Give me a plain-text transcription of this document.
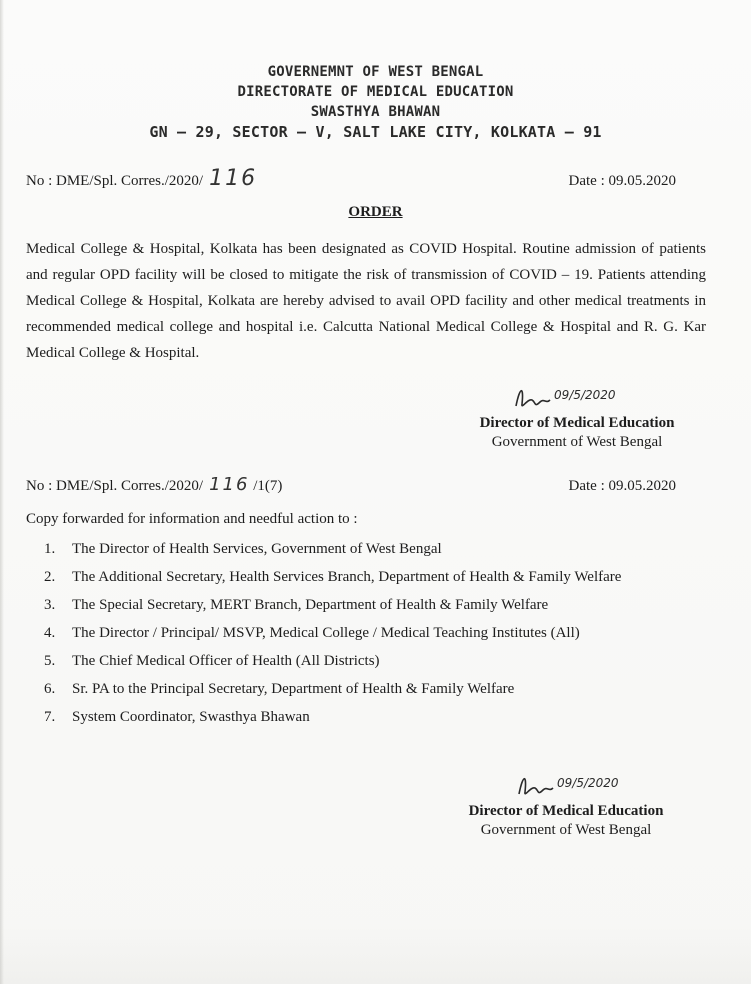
GOVERNEMNT OF WEST BENGAL
DIRECTORATE OF MEDICAL EDUCATION
SWASTHYA BHAWAN
GN – 29, SECTOR – V, SALT LAKE CITY, KOLKATA – 91
No : DME/Spl. Corres./2020/ 116	Date : 09.05.2020
ORDER
Medical College & Hospital, Kolkata has been designated as COVID Hospital. Routine admission of patients and regular OPD facility will be closed to mitigate the risk of transmission of COVID – 19. Patients attending Medical College & Hospital, Kolkata are hereby advised to avail OPD facility and other medical treatments in recommended medical college and hospital i.e. Calcutta National Medical College & Hospital and R. G. Kar Medical College & Hospital.
09/5/2020
Director of Medical Education
Government of West Bengal
No : DME/Spl. Corres./2020/ 116 /1(7)	Date : 09.05.2020
Copy forwarded for information and needful action to :
1.	The Director of Health Services, Government of West Bengal
2.	The Additional Secretary, Health Services Branch, Department of Health & Family Welfare
3.	The Special Secretary, MERT Branch, Department of Health & Family Welfare
4.	The Director / Principal/ MSVP, Medical College / Medical Teaching Institutes (All)
5.	The Chief Medical Officer of Health (All Districts)
6.	Sr. PA to the Principal Secretary, Department of Health & Family Welfare
7.	System Coordinator, Swasthya Bhawan
09/5/2020
Director of Medical Education
Government of West Bengal
